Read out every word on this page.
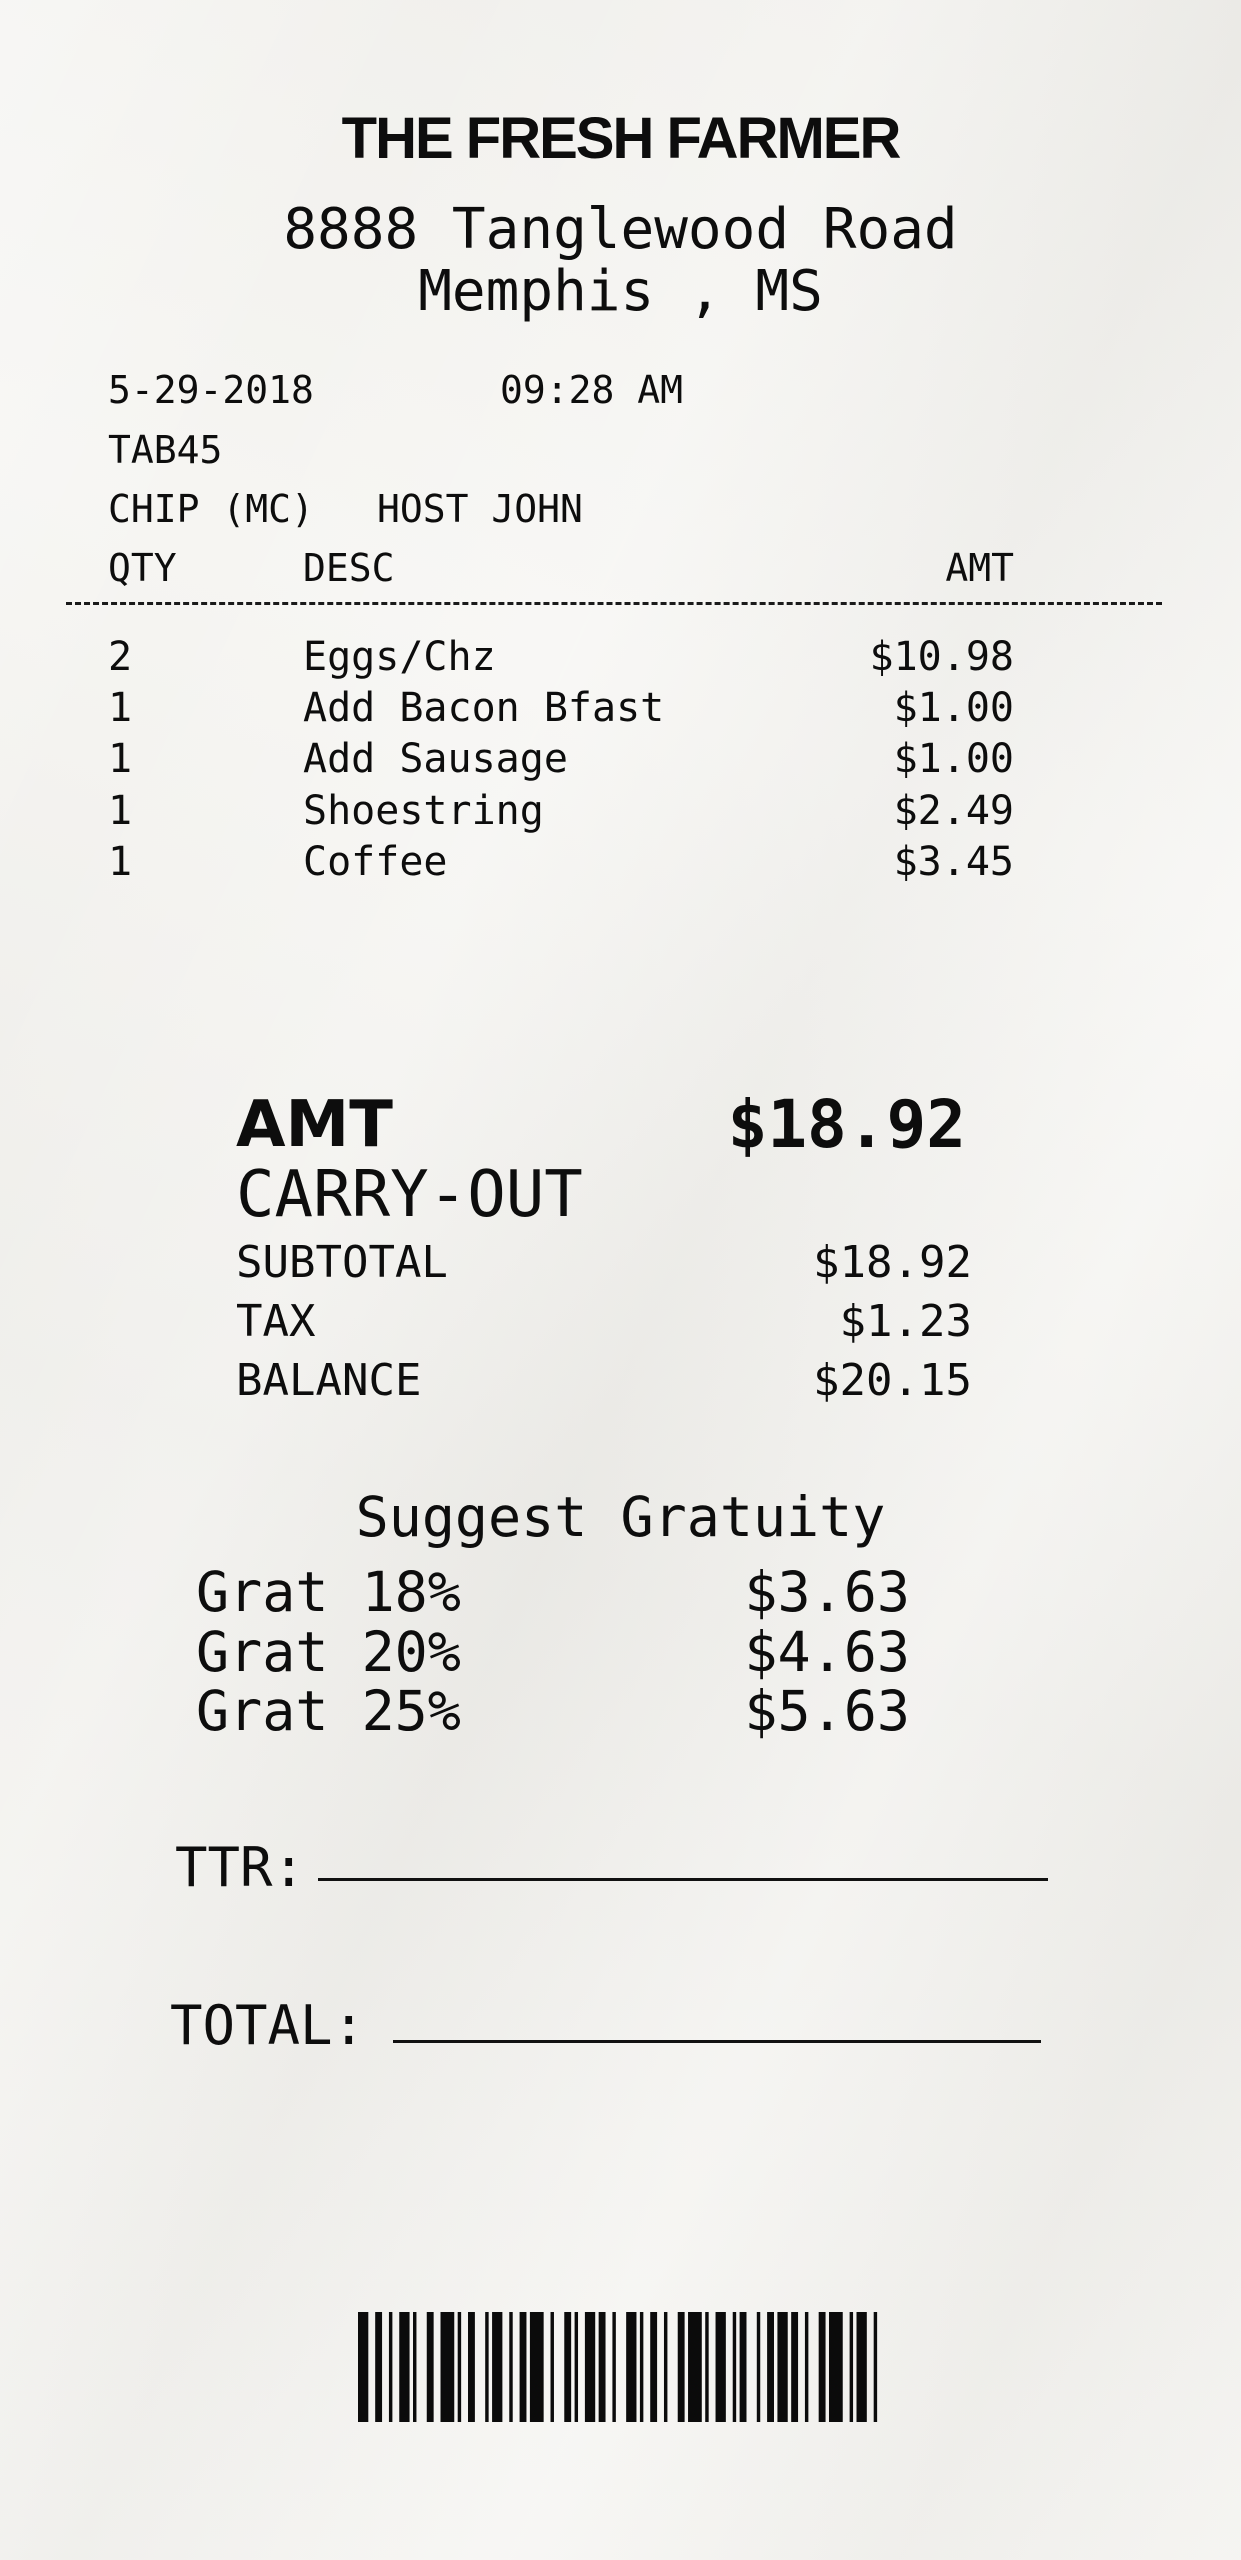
THE FRESH FARMER
8888 Tanglewood Road
Memphis , MS
5-29-2018	09:28 AM
TAB45
CHIP (MC) HOST JOHN
QTY	DESC	AMT
2	Eggs/Chz	$10.98
1	Add Bacon Bfast	$1.00
1	Add Sausage	$1.00
1	Shoestring	$2.49
1	Coffee	$3.45
AMT	$18.92
CARRY-OUT
SUBTOTAL	$18.92
TAX	$1.23
BALANCE	$20.15
Suggest Gratuity
Grat 18%	$3.63
Grat 20%	$4.63
Grat 25%	$5.63
TTR:
TOTAL:
